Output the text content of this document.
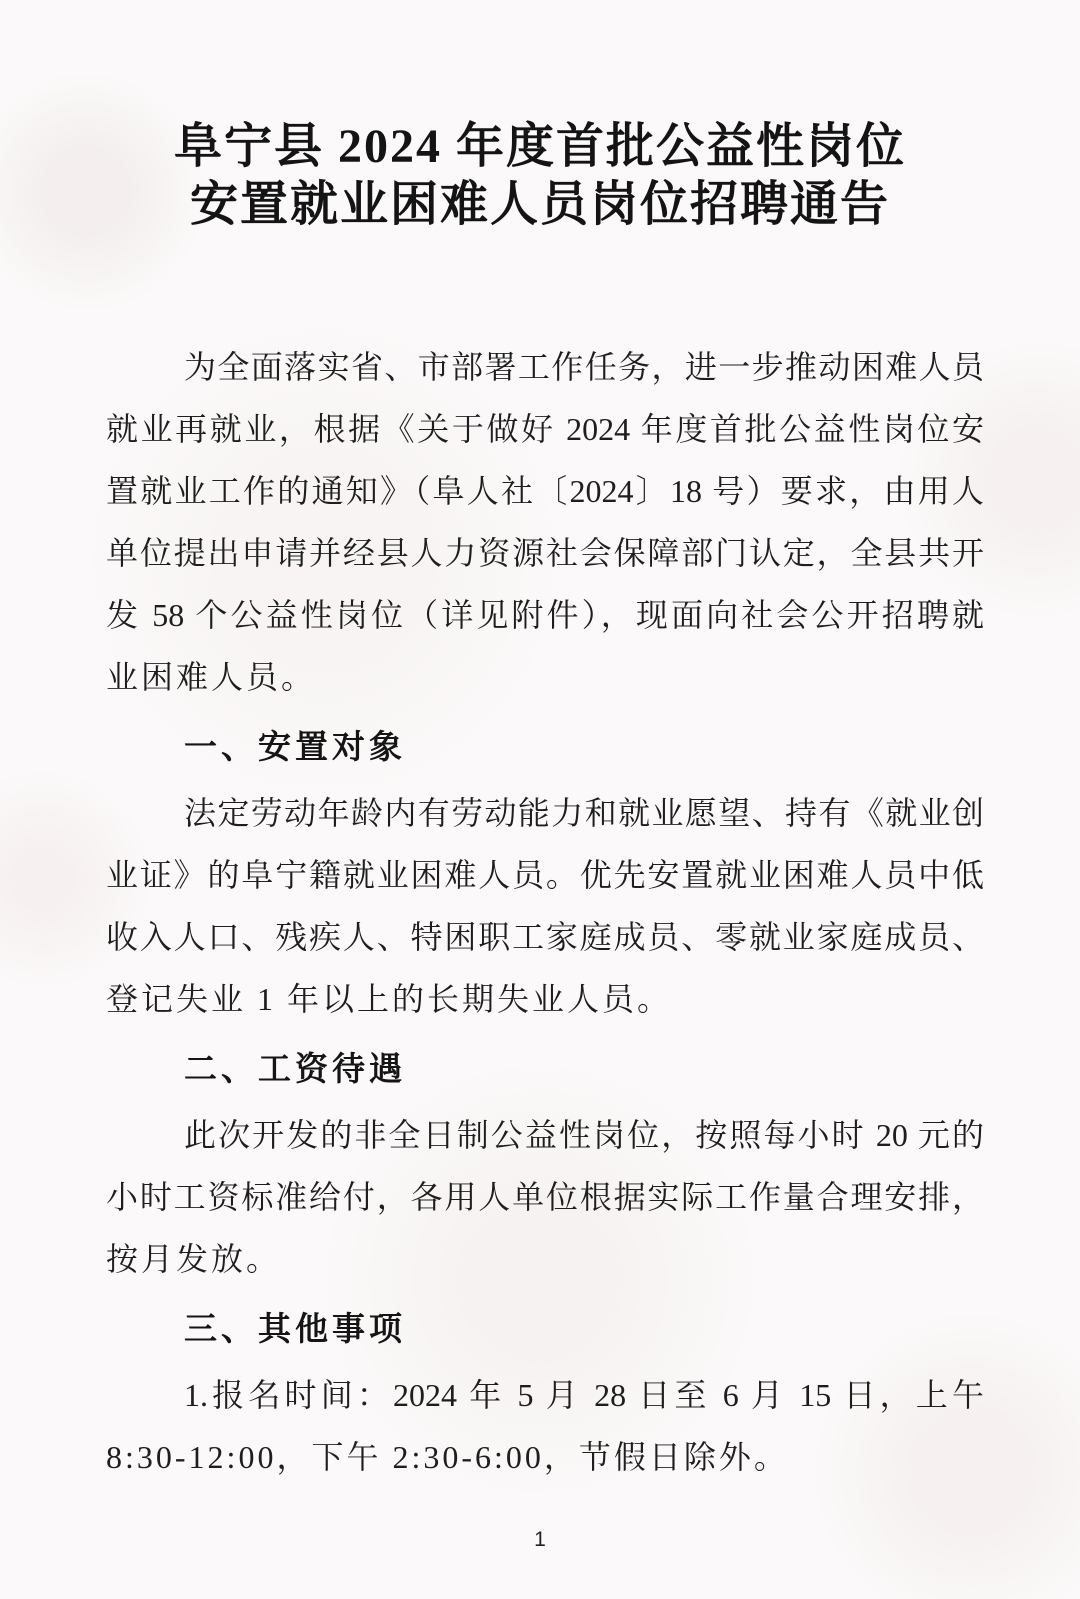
阜宁县 2024 年度首批公益性岗位
安置就业困难人员岗位招聘通告
为全面落实省、市部署工作任务，进一步推动困难人员
就业再就业，根据《关于做好 2024 年度首批公益性岗位安
置就业工作的通知》（阜人社〔2024〕18 号）要求，由用人
单位提出申请并经县人力资源社会保障部门认定，全县共开
发 58 个公益性岗位（详见附件），现面向社会公开招聘就
业困难人员。
一、安置对象
法定劳动年龄内有劳动能力和就业愿望、持有《就业创
业证》的阜宁籍就业困难人员。优先安置就业困难人员中低
收入人口、残疾人、特困职工家庭成员、零就业家庭成员、
登记失业 1 年以上的长期失业人员。
二、工资待遇
此次开发的非全日制公益性岗位，按照每小时 20 元的
小时工资标准给付，各用人单位根据实际工作量合理安排，
按月发放。
三、其他事项
1.报名时间：2024 年 5 月 28 日至 6 月 15 日，上午
8:30-12:00，下午 2:30-6:00，节假日除外。
1
